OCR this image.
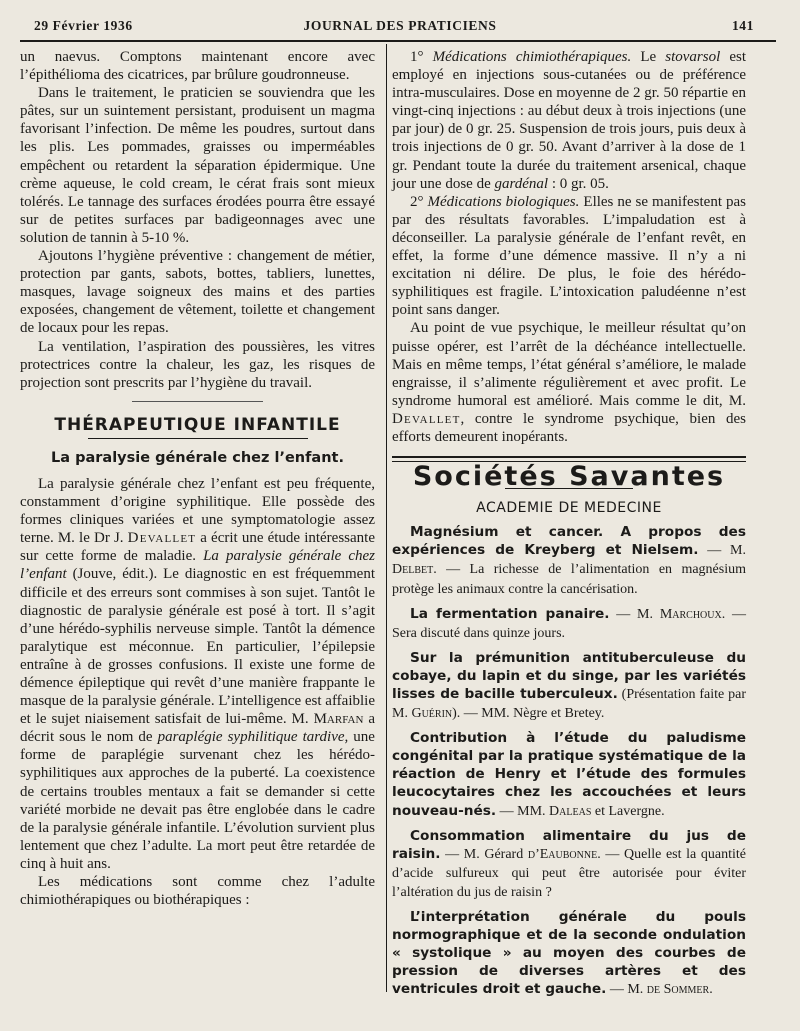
29 Février 1936	JOURNAL DES PRATICIENS	141

un naevus. Comptons maintenant encore avec l’épithélioma des cicatrices, par brûlure goudronneuse.

Dans le traitement, le praticien se souviendra que les pâtes, sur un suintement persistant, produisent un magma favorisant l’infection. De même les poudres, surtout dans les plis. Les pommades, graisses ou imperméables empêchent ou retardent la séparation épidermique. Une crème aqueuse, le cold cream, le cérat frais sont mieux tolérés. Le tannage des surfaces érodées pourra être essayé sur de petites surfaces par badigeonnages avec une solution de tannin à 5-10 %.

Ajoutons l’hygiène préventive : changement de métier, protection par gants, sabots, bottes, tabliers, lunettes, masques, lavage soigneux des mains et des parties exposées, changement de vêtement, toilette et changement de locaux pour les repas.

La ventilation, l’aspiration des poussières, les vitres protectrices contre la chaleur, les gaz, les risques de projection sont prescrits par l’hygiène du travail.

THÉRAPEUTIQUE INFANTILE
La paralysie générale chez l’enfant.

La paralysie générale chez l’enfant est peu fréquente, constamment d’origine syphilitique. Elle possède des formes cliniques variées et une symptomatologie assez terne. M. le Dr J. Devallet a écrit une étude intéressante sur cette forme de maladie. La paralysie générale chez l’enfant (Jouve, édit.). Le diagnostic en est fréquemment difficile et des erreurs sont commises à son sujet. Tantôt le diagnostic de paralysie générale est posé à tort. Il s’agit d’une hérédo-syphilis nerveuse simple. Tantôt la démence paralytique est méconnue. En particulier, l’épilepsie entraîne à de grosses confusions. Il existe une forme de démence épileptique qui revêt d’une manière frappante le masque de la paralysie générale. L’intelligence est affaiblie et le sujet niaisement satisfait de lui-même. M. Marfan a décrit sous le nom de paraplégie syphilitique tardive, une forme de paraplégie survenant chez les hérédo-syphilitiques aux approches de la puberté. La coexistence de certains troubles mentaux a fait se demander si cette variété morbide ne devait pas être englobée dans le cadre de la paralysie générale infantile. L’évolution survient plus lentement que chez l’adulte. La mort peut être retardée de cinq à huit ans.

Les médications sont comme chez l’adulte chimiothérapiques ou biothérapiques :

1° Médications chimiothérapiques. Le stovarsol est employé en injections sous-cutanées ou de préférence intra-musculaires. Dose en moyenne de 2 gr. 50 répartie en vingt-cinq injections : au début deux à trois injections (une par jour) de 0 gr. 25. Suspension de trois jours, puis deux à trois injections de 0 gr. 50. Avant d’arriver à la dose de 1 gr. Pendant toute la durée du traitement arsenical, chaque jour une dose de gardénal : 0 gr. 05.

2° Médications biologiques. Elles ne se manifestent pas par des résultats favorables. L’impaludation est à déconseiller. La paralysie générale de l’enfant revêt, en effet, la forme d’une démence massive. Il n’y a ni excitation ni délire. De plus, le foie des hérédo-syphilitiques est fragile. L’intoxication paludéenne n’est point sans danger.

Au point de vue psychique, le meilleur résultat qu’on puisse opérer, est l’arrêt de la déchéance intellectuelle. Mais en même temps, l’état général s’améliore, le malade engraisse, il s’alimente régulièrement et avec profit. Le syndrome humoral est amélioré. Mais comme le dit, M. Devallet, contre le syndrome psychique, bien des efforts demeurent inopérants.

Sociétés Savantes
ACADEMIE DE MEDECINE

Magnésium et cancer. A propos des expériences de Kreyberg et Nielsem. — M. Delbet. — La richesse de l’alimentation en magnésium protège les animaux contre la cancérisation.

La fermentation panaire. — M. Marchoux. — Sera discuté dans quinze jours.

Sur la prémunition antituberculeuse du cobaye, du lapin et du singe, par les variétés lisses de bacille tuberculeux. (Présentation faite par M. Guérin). — MM. Nègre et Bretey.

Contribution à l’étude du paludisme congénital par la pratique systématique de la réaction de Henry et l’étude des formules leucocytaires chez les accouchées et leurs nouveau-nés. — MM. Daleas et Lavergne.

Consommation alimentaire du jus de raisin. — M. Gérard d’Eaubonne. — Quelle est la quantité d’acide sulfureux qui peut être autorisée pour éviter l’altération du jus de raisin ?

L’interprétation générale du pouls normographique et de la seconde ondulation « systolique » au moyen des courbes de pression de diverses artères et des ventricules droit et gauche. — M. de Sommer.
